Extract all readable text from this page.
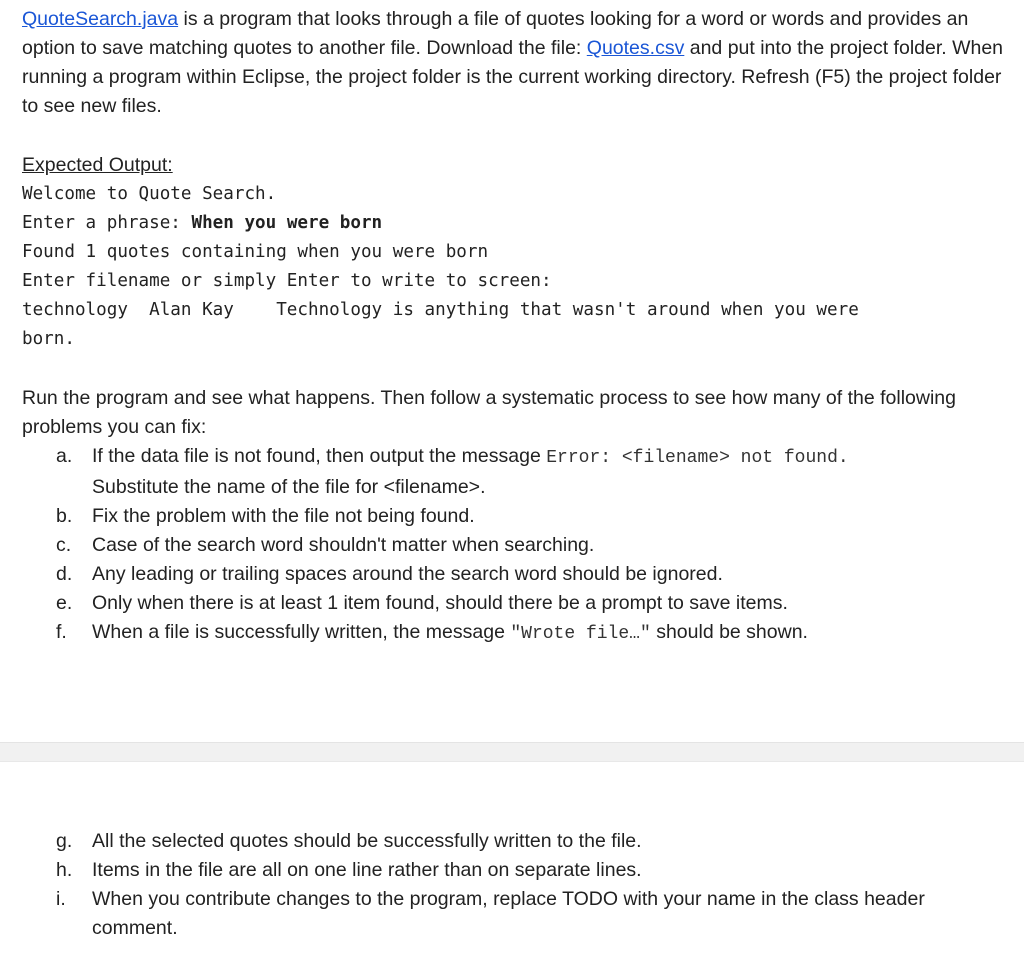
QuoteSearch.java is a program that looks through a file of quotes looking for a word or words and provides an option to save matching quotes to another file. Download the file: Quotes.csv and put into the project folder. When running a program within Eclipse, the project folder is the current working directory. Refresh (F5) the project folder to see new files.

Expected Output:
Welcome to Quote Search.
Enter a phrase: When you were born
Found 1 quotes containing when you were born
Enter filename or simply Enter to write to screen:
technology  Alan Kay    Technology is anything that wasn't around when you were
born.

Run the program and see what happens. Then follow a systematic process to see how many of the following problems you can fix:

a.	If the data file is not found, then output the message Error: <filename> not found.
Substitute the name of the file for <filename>.
b.	Fix the problem with the file not being found.
c.	Case of the search word shouldn't matter when searching.
d.	Any leading or trailing spaces around the search word should be ignored.
e.	Only when there is at least 1 item found, should there be a prompt to save items.
f.	When a file is successfully written, the message "Wrote file…" should be shown.
g.	All the selected quotes should be successfully written to the file.
h.	Items in the file are all on one line rather than on separate lines.
i.	When you contribute changes to the program, replace TODO with your name in the class header comment.
